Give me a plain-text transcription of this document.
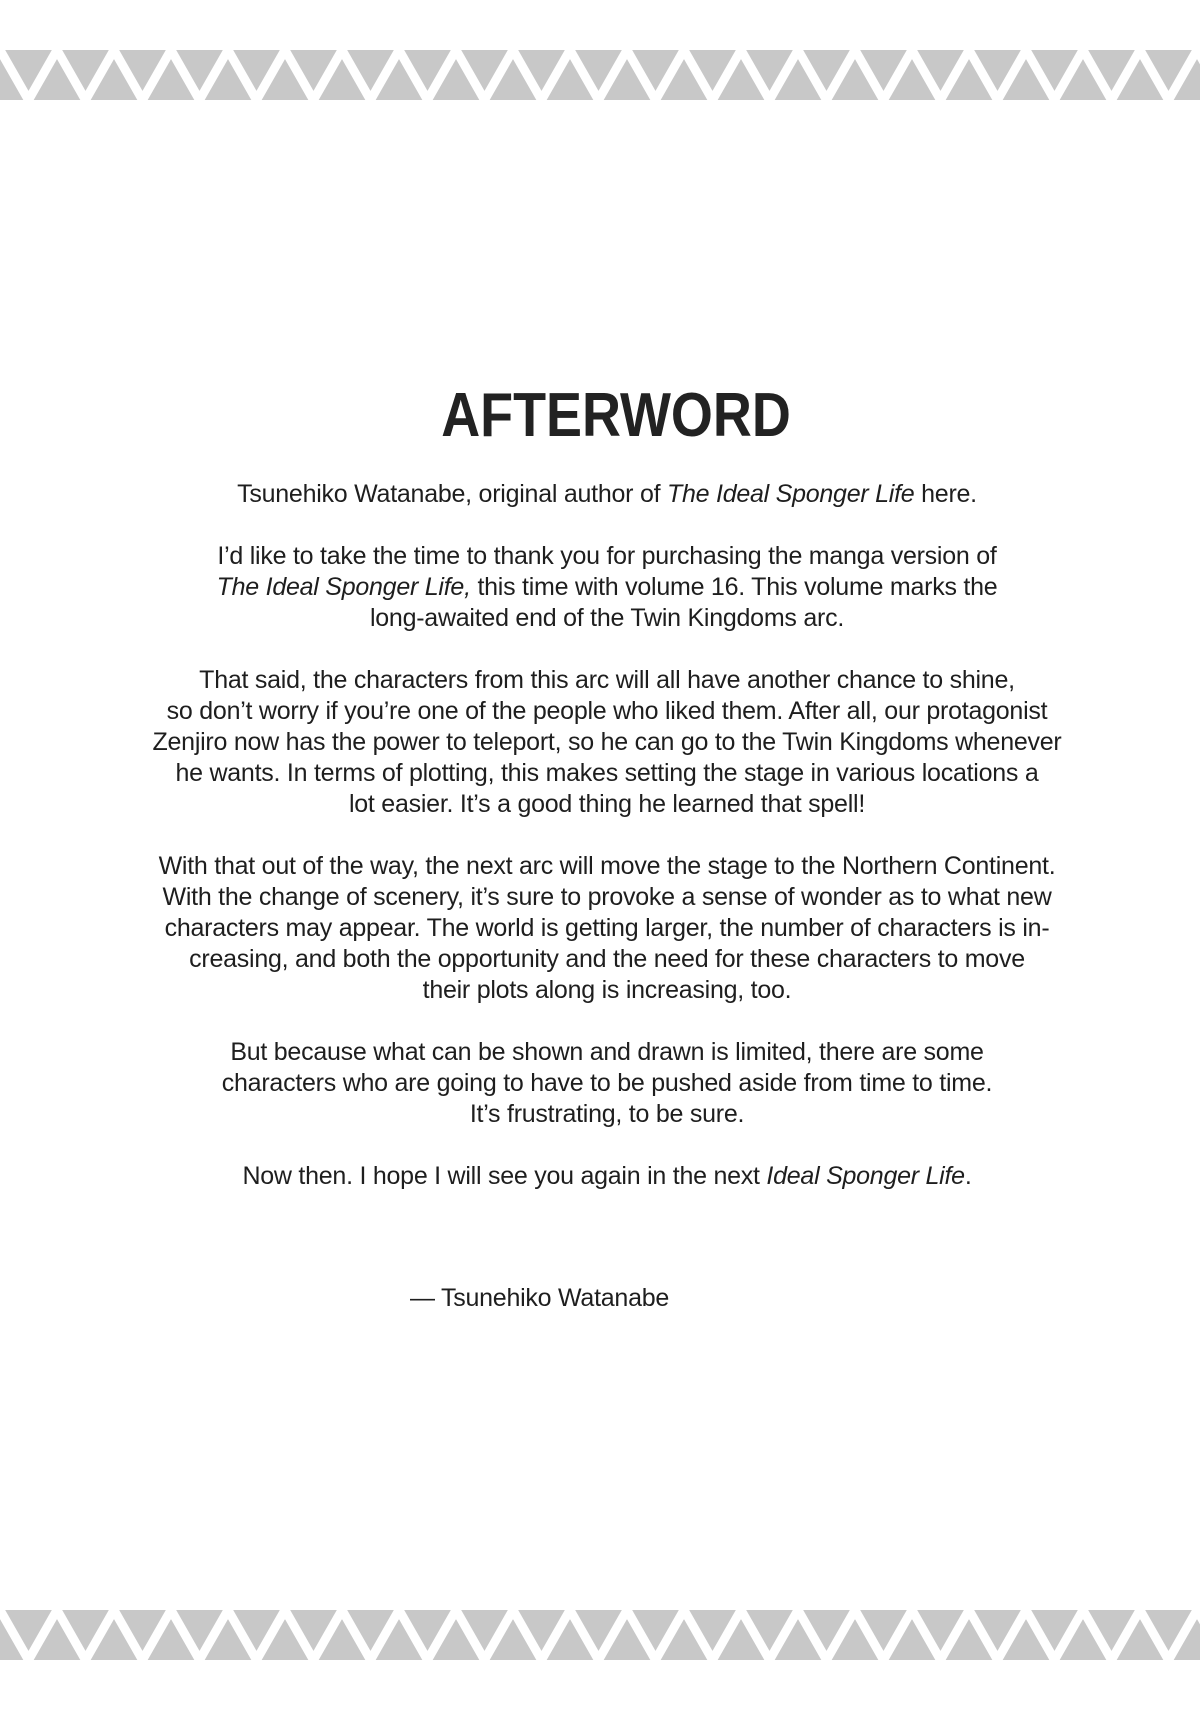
AFTERWORD

Tsunehiko Watanabe, original author of The Ideal Sponger Life here.

I’d like to take the time to thank you for purchasing the manga version of
The Ideal Sponger Life, this time with volume 16. This volume marks the
long-awaited end of the Twin Kingdoms arc.

That said, the characters from this arc will all have another chance to shine,
so don’t worry if you’re one of the people who liked them. After all, our protagonist
Zenjiro now has the power to teleport, so he can go to the Twin Kingdoms whenever
he wants. In terms of plotting, this makes setting the stage in various locations a
lot easier. It’s a good thing he learned that spell!

With that out of the way, the next arc will move the stage to the Northern Continent.
With the change of scenery, it’s sure to provoke a sense of wonder as to what new
characters may appear. The world is getting larger, the number of characters is in-
creasing, and both the opportunity and the need for these characters to move
their plots along is increasing, too.

But because what can be shown and drawn is limited, there are some
characters who are going to have to be pushed aside from time to time.
It’s frustrating, to be sure.

Now then. I hope I will see you again in the next Ideal Sponger Life.

— Tsunehiko Watanabe
